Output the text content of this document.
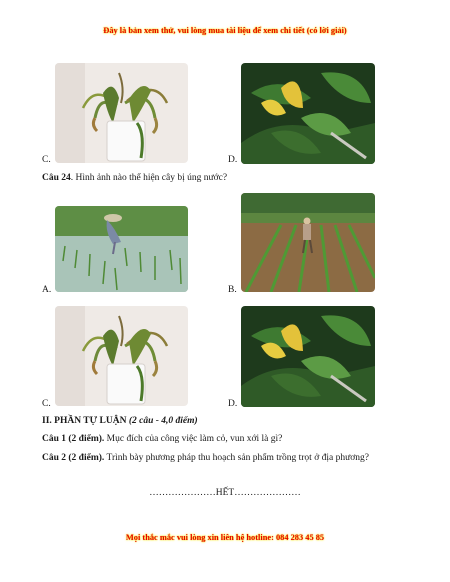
Đây là bản xem thử, vui lòng mua tài liệu để xem chi tiết (có lời giải)
C.	D.
Câu 24. Hình ảnh nào thể hiện cây bị úng nước?
A.	B.
C.	D.
II. PHẦN TỰ LUẬN (2 câu - 4,0 điểm)
Câu 1 (2 điểm). Mục đích của công việc làm cỏ, vun xới là gì?
Câu 2 (2 điểm). Trình bày phương pháp thu hoạch sản phẩm trồng trọt ở địa phương?
…………………HẾT…………………
Mọi thắc mắc vui lòng xin liên hệ hotline: 084 283 45 85
